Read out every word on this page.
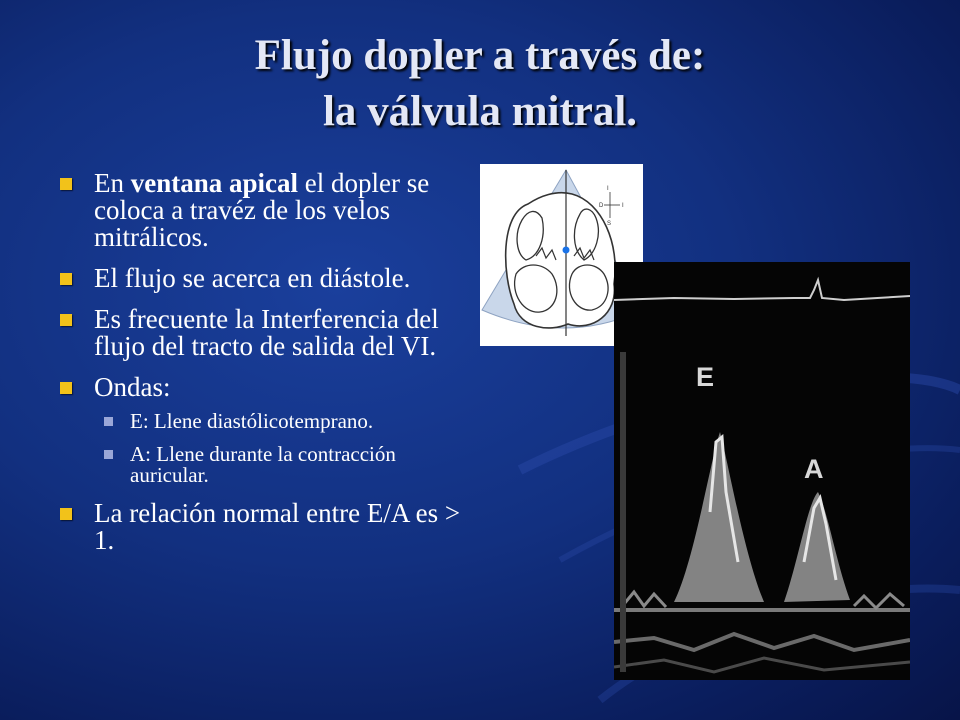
Flujo dopler a través de:
la válvula mitral.
En ventana apical el dopler se coloca a travéz de los velos mitrálicos.
El flujo se acerca en diástole.
Es frecuente la Interferencia del flujo del tracto de salida del VI.
Ondas:
E: Llene diastólicotemprano.
A: Llene durante la contracción auricular.
La relación normal entre E/A es > 1.
I
D	I
S
E
A
